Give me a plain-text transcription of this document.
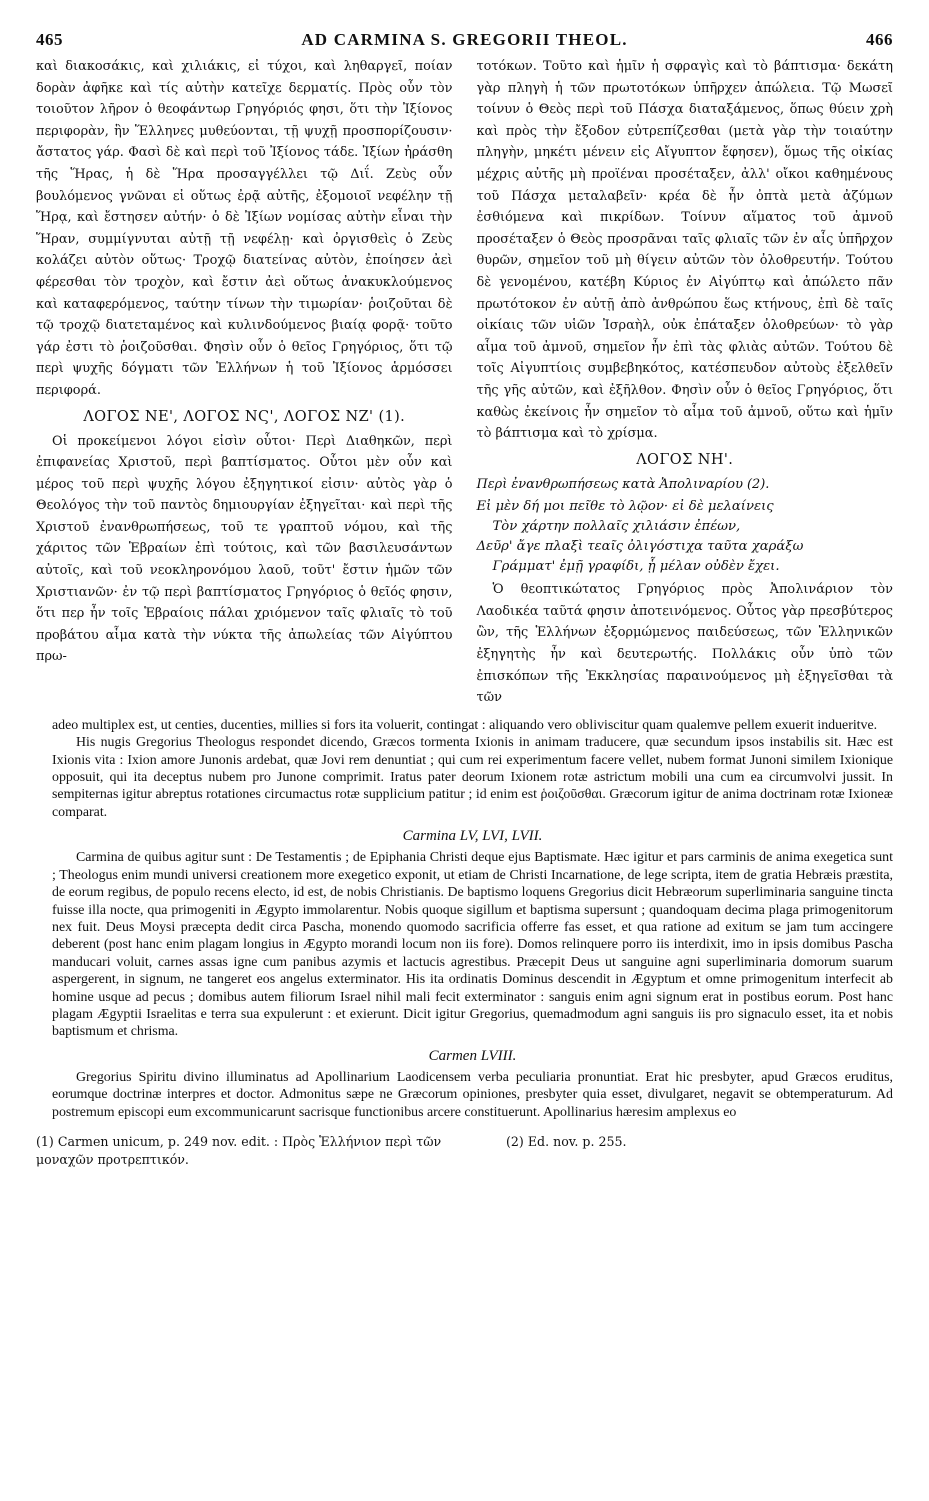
465	AD CARMINA S. GREGORII THEOL.	466

καὶ διακοσάκις, καὶ χιλιάκις, εἰ τύχοι, καὶ ληθαργεῖ, ποίαν δορὰν ἀφῆκε καὶ τίς αὐτὴν κατεῖχε δερματίς. Πρὸς οὖν τὸν τοιοῦτον λῆρον ὁ θεοφάντωρ Γρηγόριός φησι, ὅτι τὴν Ἰξίονος περιφορὰν, ἣν Ἕλληνες μυθεύονται, τῇ ψυχῇ προσπορίζουσιν· ἄστατος γάρ. Φασὶ δὲ καὶ περὶ τοῦ Ἰξίονος τάδε. Ἰξίων ἠράσθη τῆς Ἥρας, ἡ δὲ Ἥρα προσαγγέλλει τῷ Διΐ. Ζεὺς οὖν βουλόμενος γνῶναι εἰ οὕτως ἐρᾷ αὐτῆς, ἐξομοιοῖ νεφέλην τῇ Ἥρᾳ, καὶ ἔστησεν αὐτήν· ὁ δὲ Ἰξίων νομίσας αὐτὴν εἶναι τὴν Ἥραν, συμμίγνυται αὐτῇ τῇ νεφέλῃ· καὶ ὀργισθεὶς ὁ Ζεὺς κολάζει αὐτὸν οὕτως· Τροχῷ διατείνας αὐτὸν, ἐποίησεν ἀεὶ φέρεσθαι τὸν τροχὸν, καὶ ἔστιν ἀεὶ οὕτως ἀνακυκλούμενος καὶ καταφερόμενος, ταύτην τίνων τὴν τιμωρίαν· ῥοιζοῦται δὲ τῷ τροχῷ διατεταμένος καὶ κυλινδούμενος βιαίᾳ φορᾷ· τοῦτο γάρ ἐστι τὸ ῥοιζοῦσθαι. Φησὶν οὖν ὁ θεῖος Γρηγόριος, ὅτι τῷ περὶ ψυχῆς δόγματι τῶν Ἑλλήνων ἡ τοῦ Ἰξίονος ἁρμόσσει περιφορά.

ΛΟΓΟΣ ΝΕ', ΛΟΓΟΣ ΝϚ', ΛΟΓΟΣ ΝΖ' (1).

Οἱ προκείμενοι λόγοι εἰσὶν οὗτοι· Περὶ Διαθηκῶν, περὶ ἐπιφανείας Χριστοῦ, περὶ βαπτίσματος. Οὗτοι μὲν οὖν καὶ μέρος τοῦ περὶ ψυχῆς λόγου ἐξηγητικοί εἰσιν· αὐτὸς γὰρ ὁ Θεολόγος τὴν τοῦ παντὸς δημιουργίαν ἐξηγεῖται· καὶ περὶ τῆς Χριστοῦ ἐνανθρωπήσεως, τοῦ τε γραπτοῦ νόμου, καὶ τῆς χάριτος τῶν Ἑβραίων ἐπὶ τούτοις, καὶ τῶν βασιλευσάντων αὐτοῖς, καὶ τοῦ νεοκληρονόμου λαοῦ, τοῦτ' ἔστιν ἡμῶν τῶν Χριστιανῶν· ἐν τῷ περὶ βαπτίσματος Γρηγόριος ὁ θεῖός φησιν, ὅτι περ ἦν τοῖς Ἑβραίοις πάλαι χριόμενον ταῖς φλιαῖς τὸ τοῦ προβάτου αἷμα κατὰ τὴν νύκτα τῆς ἀπωλείας τῶν Αἰγύπτου πρω-

τοτόκων. Τοῦτο καὶ ἡμῖν ἡ σφραγὶς καὶ τὸ βάπτισμα· δεκάτη γὰρ πληγὴ ἡ τῶν πρωτοτόκων ὑπῆρχεν ἀπώλεια. Τῷ Μωσεῖ τοίνυν ὁ Θεὸς περὶ τοῦ Πάσχα διαταξάμενος, ὅπως θύειν χρὴ καὶ πρὸς τὴν ἔξοδον εὐτρεπίζεσθαι (μετὰ γὰρ τὴν τοιαύτην πληγὴν, μηκέτι μένειν εἰς Αἴγυπτον ἔφησεν), ὅμως τῆς οἰκίας μέχρις αὐτῆς μὴ προϊέναι προσέταξεν, ἀλλ' οἴκοι καθημένους τοῦ Πάσχα μεταλαβεῖν· κρέα δὲ ἦν ὀπτὰ μετὰ ἀζύμων ἐσθιόμενα καὶ πικρίδων. Τοίνυν αἵματος τοῦ ἀμνοῦ προσέταξεν ὁ Θεὸς προσρᾶναι ταῖς φλιαῖς τῶν ἐν αἷς ὑπῆρχον θυρῶν, σημεῖον τοῦ μὴ θίγειν αὐτῶν τὸν ὀλοθρευτήν. Τούτου δὲ γενομένου, κατέβη Κύριος ἐν Αἰγύπτῳ καὶ ἀπώλετο πᾶν πρωτότοκον ἐν αὐτῇ ἀπὸ ἀνθρώπου ἕως κτήνους, ἐπὶ δὲ ταῖς οἰκίαις τῶν υἱῶν Ἰσραὴλ, οὐκ ἐπάταξεν ὀλοθρεύων· τὸ γὰρ αἷμα τοῦ ἀμνοῦ, σημεῖον ἦν ἐπὶ τὰς φλιὰς αὐτῶν. Τούτου δὲ τοῖς Αἰγυπτίοις συμβεβηκότος, κατέσπευδον αὐτοὺς ἐξελθεῖν τῆς γῆς αὐτῶν, καὶ ἐξῆλθον. Φησὶν οὖν ὁ θεῖος Γρηγόριος, ὅτι καθὼς ἐκείνοις ἦν σημεῖον τὸ αἷμα τοῦ ἀμνοῦ, οὕτω καὶ ἡμῖν τὸ βάπτισμα καὶ τὸ χρίσμα.

ΛΟΓΟΣ ΝΗ'.

Περὶ ἐνανθρωπήσεως κατὰ Ἀπολιναρίου (2).

Εἰ μὲν δή μοι πεῖθε τὸ λῷον· εἰ δὲ μελαίνεις
Τὸν χάρτην πολλαῖς χιλιάσιν ἐπέων,
Δεῦρ' ἄγε πλαξὶ τεαῖς ὀλιγόστιχα ταῦτα χαράξω
Γράμματ' ἐμῇ γραφίδι, ᾗ μέλαν οὐδὲν ἔχει.

Ὁ θεοπτικώτατος Γρηγόριος πρὸς Ἀπολινάριον τὸν Λαοδικέα ταῦτά φησιν ἀποτεινόμενος. Οὗτος γὰρ πρεσβύτερος ὢν, τῆς Ἑλλήνων ἐξορμώμενος παιδεύσεως, τῶν Ἑλληνικῶν ἐξηγητὴς ἦν καὶ δευτερωτής. Πολλάκις οὖν ὑπὸ τῶν ἐπισκόπων τῆς Ἐκκλησίας παραινούμενος μὴ ἐξηγεῖσθαι τὰ τῶν

adeo multiplex est, ut centies, ducenties, millies si fors ita voluerit, contingat : aliquando vero obliviscitur quam qualemve pellem exuerit indueritve.

His nugis Gregorius Theologus respondet dicendo, Græcos tormenta Ixionis in animam traducere, quæ secundum ipsos instabilis sit. Hæc est Ixionis vita : Ixion amore Junonis ardebat, quæ Jovi rem denuntiat ; qui cum rei experimentum facere vellet, nubem format Junoni similem Ixionique opposuit, qui ita deceptus nubem pro Junone comprimit. Iratus pater deorum Ixionem rotæ astrictum mobili una cum ea circumvolvi jussit. In sempiternas igitur abreptus rotationes circumactus rotæ supplicium patitur ; id enim est ῥοιζοῦσθαι. Græcorum igitur de anima doctrinam rotæ Ixioneæ comparat.

Carmina LV, LVI, LVII.

Carmina de quibus agitur sunt : De Testamentis ; de Epiphania Christi deque ejus Baptismate. Hæc igitur et pars carminis de anima exegetica sunt ; Theologus enim mundi universi creationem more exegetico exponit, ut etiam de Christi Incarnatione, de lege scripta, item de gratia Hebræis præstita, de eorum regibus, de populo recens electo, id est, de nobis Christianis. De baptismo loquens Gregorius dicit Hebræorum superliminaria sanguine tincta fuisse illa nocte, qua primogeniti in Ægypto immolarentur. Nobis quoque sigillum et baptisma supersunt ; quandoquam decima plaga primogenitorum nex fuit. Deus Moysi præcepta dedit circa Pascha, monendo quomodo sacrificia offerre fas esset, et qua ratione ad exitum se jam tum accingere deberent (post hanc enim plagam longius in Ægypto morandi locum non iis fore). Domos relinquere porro iis interdixit, imo in ipsis domibus Pascha manducari voluit, carnes assas igne cum panibus azymis et lactucis agrestibus. Præcepit Deus ut sanguine agni superliminaria domorum suarum aspergerent, in signum, ne tangeret eos angelus exterminator. His ita ordinatis Dominus descendit in Ægyptum et omne primogenitum interfecit ab homine usque ad pecus ; domibus autem filiorum Israel nihil mali fecit exterminator : sanguis enim agni signum erat in postibus eorum. Post hanc plagam Ægyptii Israelitas e terra sua expulerunt : et exierunt. Dicit igitur Gregorius, quemadmodum agni sanguis iis pro signaculo esset, ita et nobis baptismum et chrisma.

Carmen LVIII.

Gregorius Spiritu divino illuminatus ad Apollinarium Laodicensem verba peculiaria pronuntiat. Erat hic presbyter, apud Græcos eruditus, eorumque doctrinæ interpres et doctor. Admonitus sæpe ne Græcorum opiniones, presbyter quia esset, divulgaret, negavit se obtemperaturum. Ad postremum episcopi eum excommunicarunt sacrisque functionibus arcere constituerunt. Apollinarius hæresim amplexus eo

(1) Carmen unicum, p. 249 nov. edit. : Πρὸς Ἑλλήνιον περὶ τῶν μοναχῶν προτρεπτικόν.
(2) Ed. nov. p. 255.
